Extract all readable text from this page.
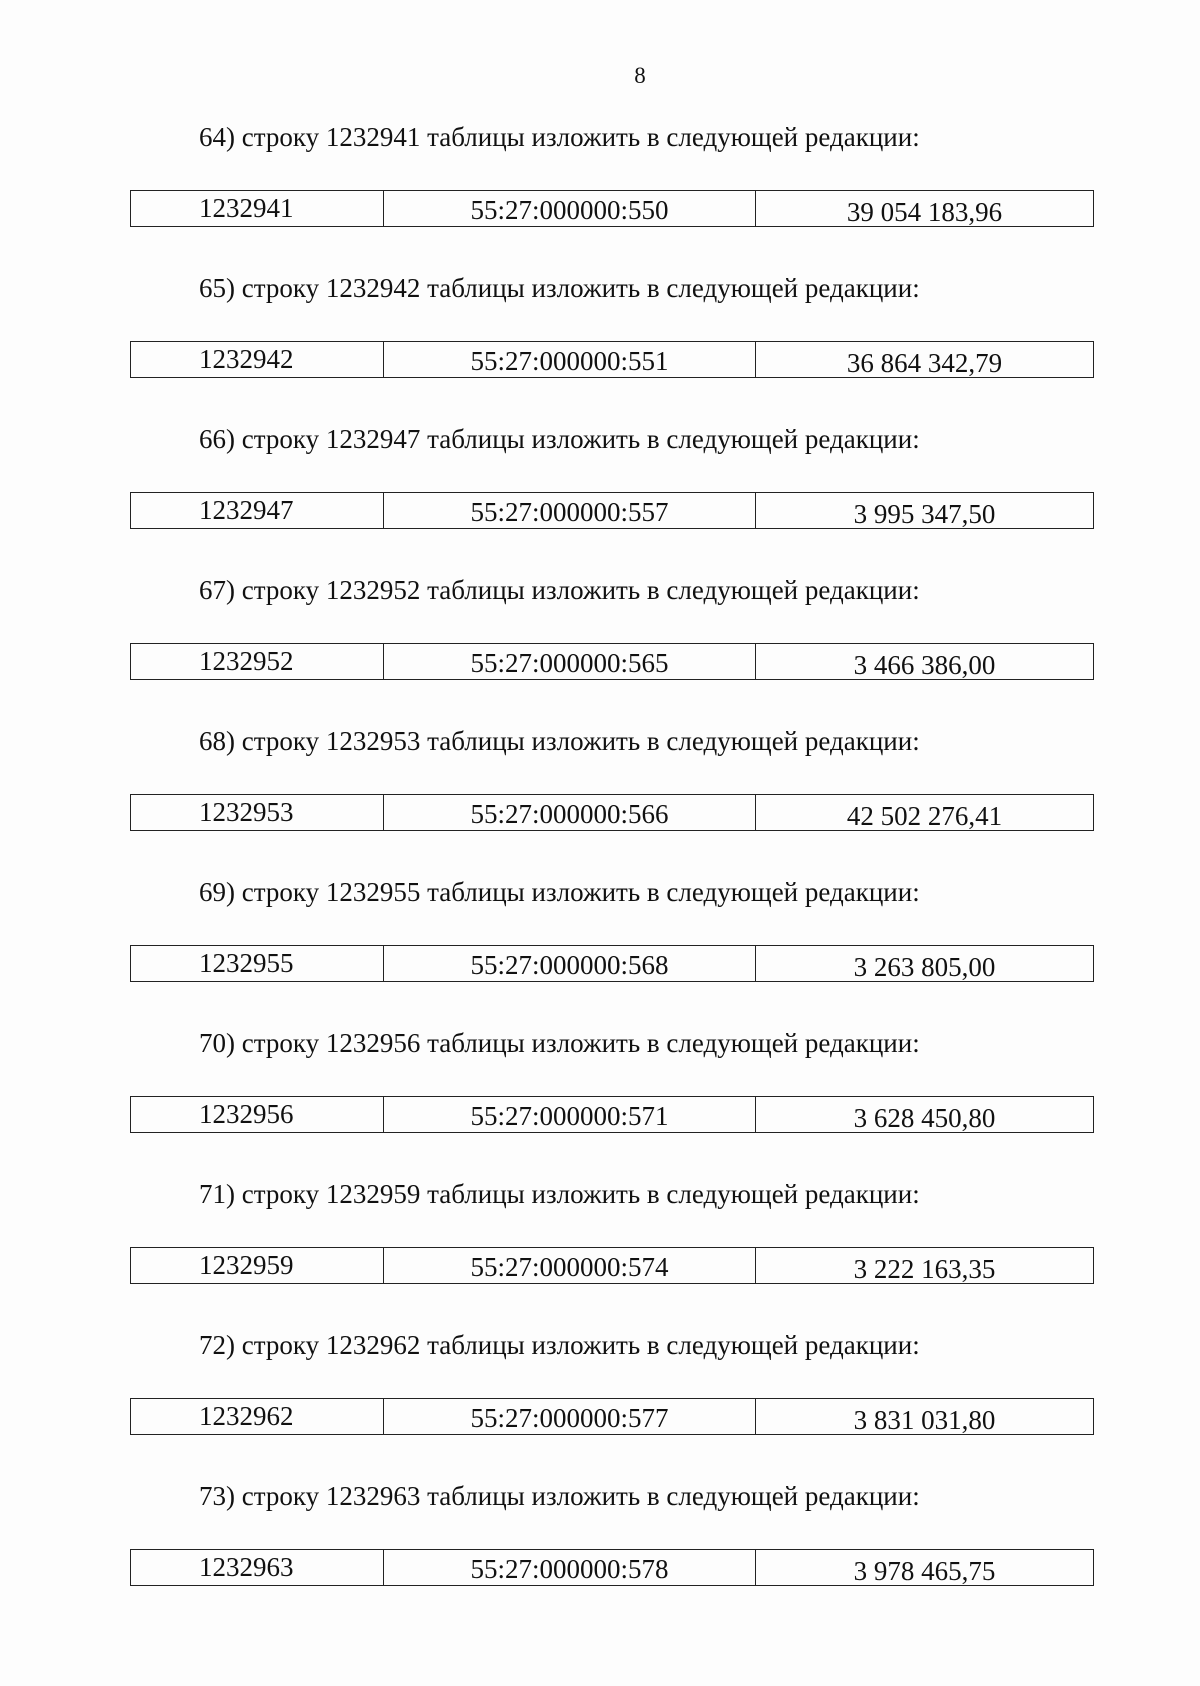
8
64) строку 1232941 таблицы изложить в следующей редакции:
1232941	55:27:000000:550	39 054 183,96
65) строку 1232942 таблицы изложить в следующей редакции:
1232942	55:27:000000:551	36 864 342,79
66) строку 1232947 таблицы изложить в следующей редакции:
1232947	55:27:000000:557	3 995 347,50
67) строку 1232952 таблицы изложить в следующей редакции:
1232952	55:27:000000:565	3 466 386,00
68) строку 1232953 таблицы изложить в следующей редакции:
1232953	55:27:000000:566	42 502 276,41
69) строку 1232955 таблицы изложить в следующей редакции:
1232955	55:27:000000:568	3 263 805,00
70) строку 1232956 таблицы изложить в следующей редакции:
1232956	55:27:000000:571	3 628 450,80
71) строку 1232959 таблицы изложить в следующей редакции:
1232959	55:27:000000:574	3 222 163,35
72) строку 1232962 таблицы изложить в следующей редакции:
1232962	55:27:000000:577	3 831 031,80
73) строку 1232963 таблицы изложить в следующей редакции:
1232963	55:27:000000:578	3 978 465,75
